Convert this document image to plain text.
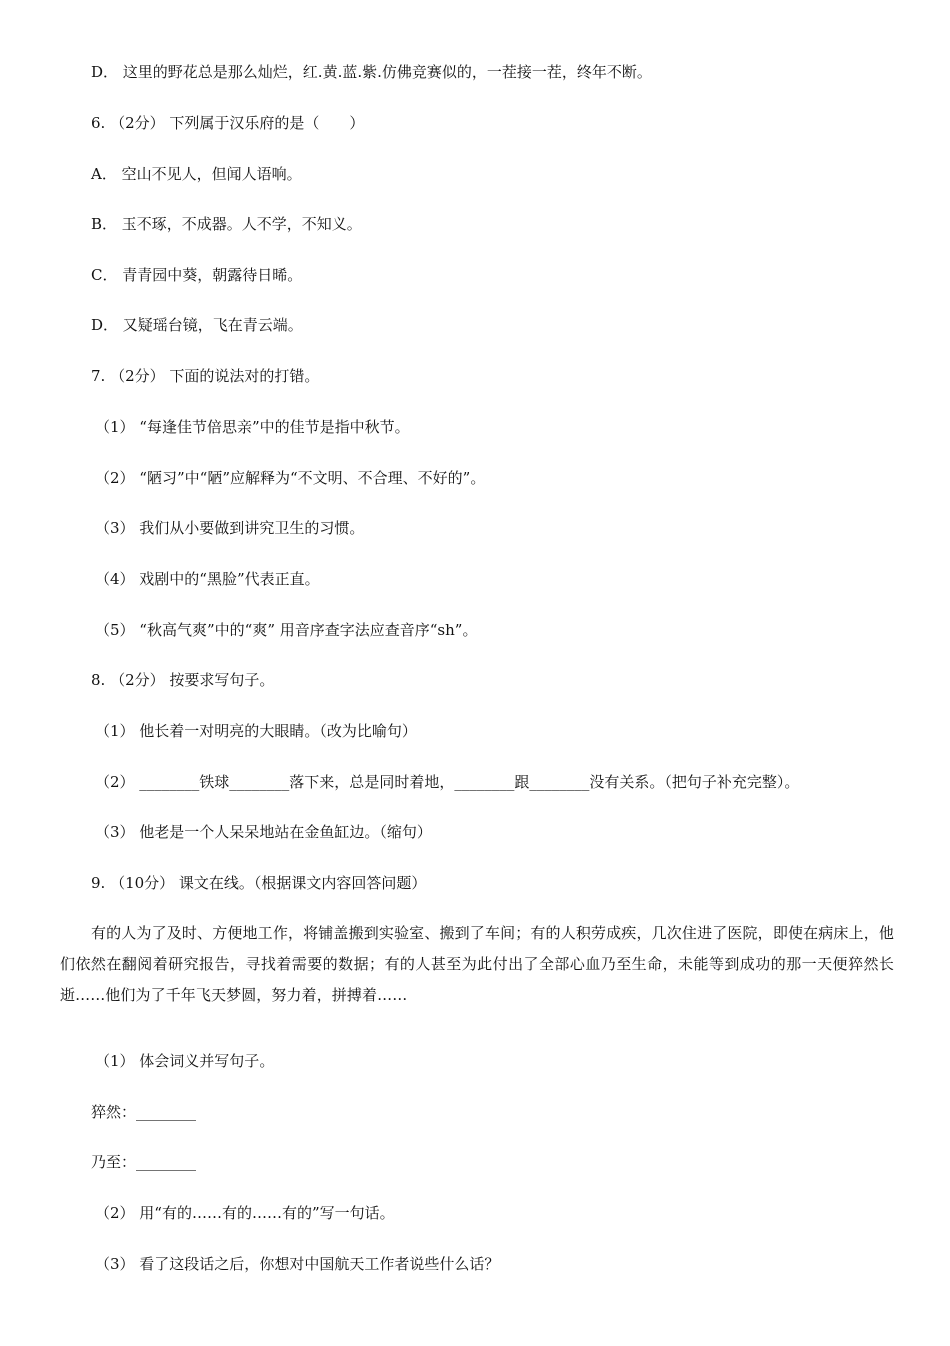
D． 这里的野花总是那么灿烂，红.黄.蓝.紫.仿佛竞赛似的，一茬接一茬，终年不断。
6. （2分） 下列属于汉乐府的是（　　）
A． 空山不见人，但闻人语响。
B． 玉不琢，不成器。人不学，不知义。
C． 青青园中葵，朝露待日晞。
D． 又疑瑶台镜，飞在青云端。
7. （2分） 下面的说法对的打错。
（1） “每逢佳节倍思亲”中的佳节是指中秋节。
（2） “陋习”中“陋”应解释为“不文明、不合理、不好的”。
（3） 我们从小要做到讲究卫生的习惯。
（4） 戏剧中的“黑脸”代表正直。
（5） “秋高气爽”中的“爽” 用音序查字法应查音序“sh”。
8. （2分） 按要求写句子。
（1） 他长着一对明亮的大眼睛。（改为比喻句）
（2） ________铁球________落下来，总是同时着地，________跟________没有关系。（把句子补充完整）。
（3） 他老是一个人呆呆地站在金鱼缸边。（缩句）
9. （10分） 课文在线。（根据课文内容回答问题）
有的人为了及时、方便地工作，将铺盖搬到实验室、搬到了车间；有的人积劳成疾，几次住进了医院，即使在病床上，他们依然在翻阅着研究报告，寻找着需要的数据；有的人甚至为此付出了全部心血乃至生命，未能等到成功的那一天便猝然长逝……他们为了千年飞天梦圆，努力着，拼搏着……
（1） 体会词义并写句子。
猝然：________
乃至：________
（2） 用“有的……有的……有的”写一句话。
（3） 看了这段话之后，你想对中国航天工作者说些什么话？
